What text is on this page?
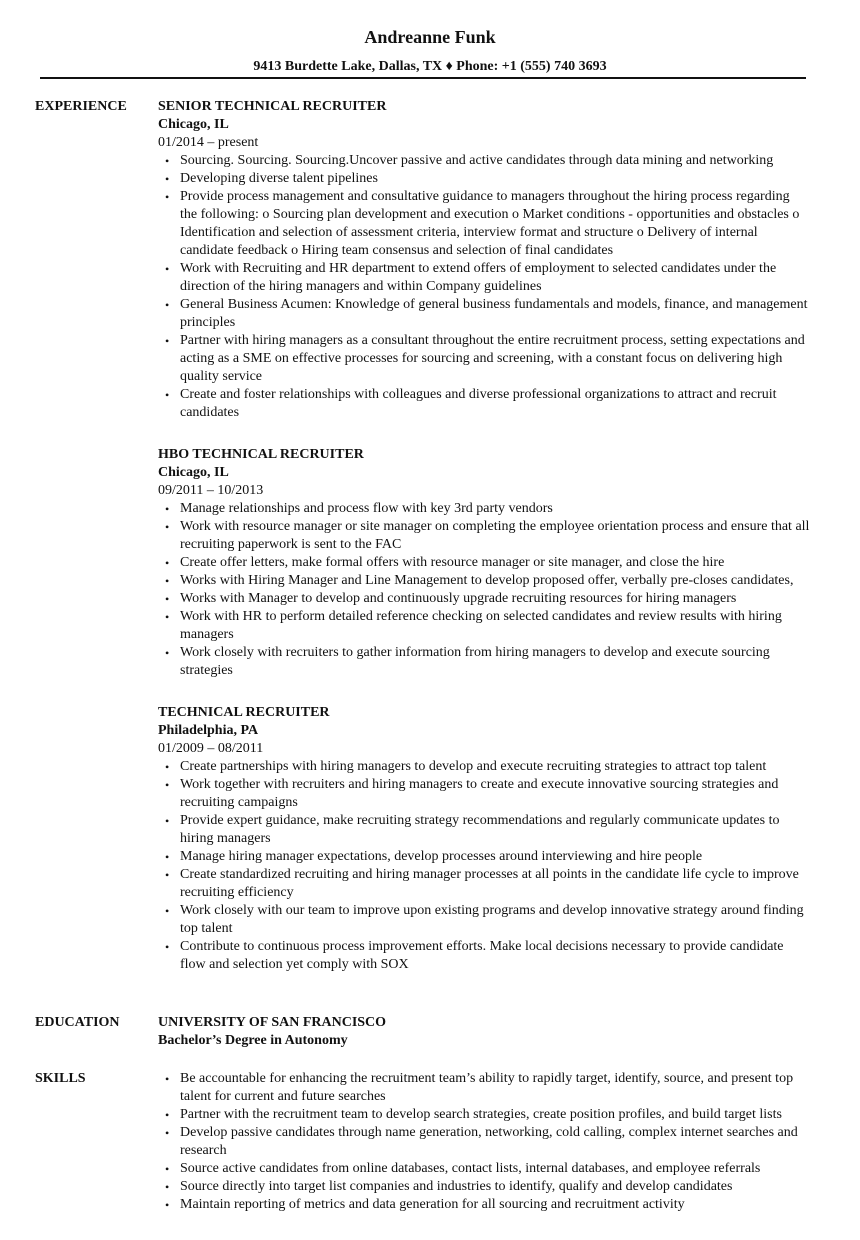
Andreanne Funk
9413 Burdette Lake, Dallas, TX ♦ Phone: +1 (555) 740 3693
EXPERIENCE SENIOR TECHNICAL RECRUITER
Chicago, IL
01/2014 – present
• Sourcing. Sourcing. Sourcing.Uncover passive and active candidates through data mining and networking
• Developing diverse talent pipelines
• Provide process management and consultative guidance to managers throughout the hiring process regarding the following: o Sourcing plan development and execution o Market conditions - opportunities and obstacles o Identification and selection of assessment criteria, interview format and structure o Delivery of internal candidate feedback o Hiring team consensus and selection of final candidates
• Work with Recruiting and HR department to extend offers of employment to selected candidates under the direction of the hiring managers and within Company guidelines
• General Business Acumen: Knowledge of general business fundamentals and models, finance, and management principles
• Partner with hiring managers as a consultant throughout the entire recruitment process, setting expectations and acting as a SME on effective processes for sourcing and screening, with a constant focus on delivering high quality service
• Create and foster relationships with colleagues and diverse professional organizations to attract and recruit candidates
HBO TECHNICAL RECRUITER
Chicago, IL
09/2011 – 10/2013
• Manage relationships and process flow with key 3rd party vendors
• Work with resource manager or site manager on completing the employee orientation process and ensure that all recruiting paperwork is sent to the FAC
• Create offer letters, make formal offers with resource manager or site manager, and close the hire
• Works with Hiring Manager and Line Management to develop proposed offer, verbally pre-closes candidates,
• Works with Manager to develop and continuously upgrade recruiting resources for hiring managers
• Work with HR to perform detailed reference checking on selected candidates and review results with hiring managers
• Work closely with recruiters to gather information from hiring managers to develop and execute sourcing strategies
TECHNICAL RECRUITER
Philadelphia, PA
01/2009 – 08/2011
• Create partnerships with hiring managers to develop and execute recruiting strategies to attract top talent
• Work together with recruiters and hiring managers to create and execute innovative sourcing strategies and recruiting campaigns
• Provide expert guidance, make recruiting strategy recommendations and regularly communicate updates to hiring managers
• Manage hiring manager expectations, develop processes around interviewing and hire people
• Create standardized recruiting and hiring manager processes at all points in the candidate life cycle to improve recruiting efficiency
• Work closely with our team to improve upon existing programs and develop innovative strategy around finding top talent
• Contribute to continuous process improvement efforts. Make local decisions necessary to provide candidate flow and selection yet comply with SOX
EDUCATION	UNIVERSITY OF SAN FRANCISCO
Bachelor’s Degree in Autonomy
SKILLS	• Be accountable for enhancing the recruitment team’s ability to rapidly target, identify, source, and present top talent for current and future searches
• Partner with the recruitment team to develop search strategies, create position profiles, and build target lists
• Develop passive candidates through name generation, networking, cold calling, complex internet searches and research
• Source active candidates from online databases, contact lists, internal databases, and employee referrals
• Source directly into target list companies and industries to identify, qualify and develop candidates
• Maintain reporting of metrics and data generation for all sourcing and recruitment activity
